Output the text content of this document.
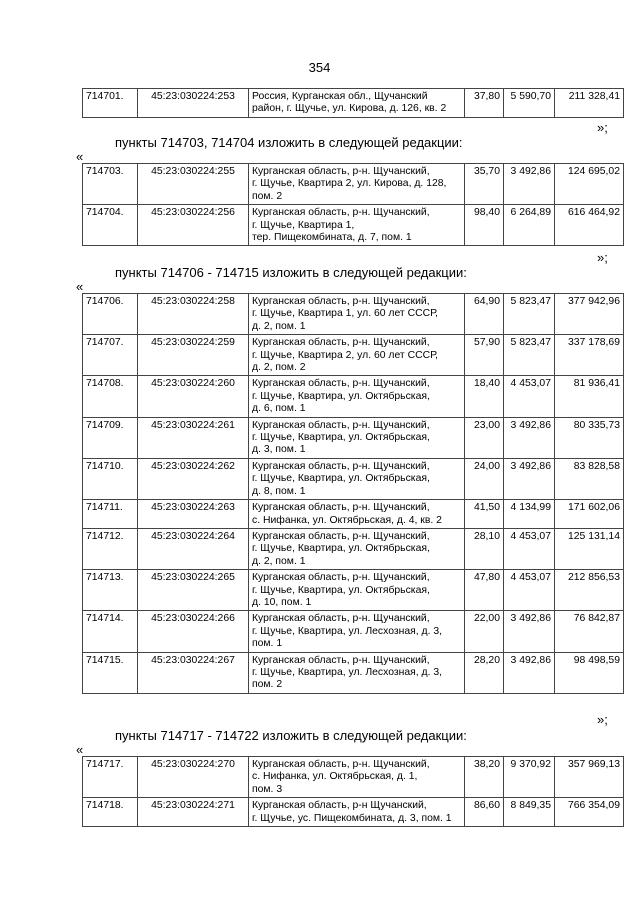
354
714701.	45:23:030224:253	Россия, Курганская обл., Щучанский
район, г. Щучье, ул. Кирова, д. 126, кв. 2
	37,80	5 590,70	211 328,41
»;
пункты 714703, 714704 изложить в следующей редакции:
«
714703.	45:23:030224:255	Курганская область, р-н. Щучанский,
г. Щучье, Квартира 2, ул. Кирова, д. 128,
пом. 2	35,70	3 492,86	124 695,02
714704.	45:23:030224:256	Курганская область, р-н. Щучанский,
г. Щучье, Квартира 1,
тер. Пищекомбината, д. 7, пом. 1	98,40	6 264,89	616 464,92
»;
пункты 714706 - 714715 изложить в следующей редакции:
«
714706.	45:23:030224:258	Курганская область, р-н. Щучанский,
г. Щучье, Квартира 1, ул. 60 лет СССР,
д. 2, пом. 1	64,90	5 823,47	377 942,96
714707.	45:23:030224:259	Курганская область, р-н. Щучанский,
г. Щучье, Квартира 2, ул. 60 лет СССР,
д. 2, пом. 2	57,90	5 823,47	337 178,69
714708.	45:23:030224:260	Курганская область, р-н. Щучанский,
г. Щучье, Квартира, ул. Октябрьская,
д. 6, пом. 1	18,40	4 453,07	81 936,41
714709.	45:23:030224:261	Курганская область, р-н. Щучанский,
г. Щучье, Квартира, ул. Октябрьская,
д. 3, пом. 1	23,00	3 492,86	80 335,73
714710.	45:23:030224:262	Курганская область, р-н. Щучанский,
г. Щучье, Квартира, ул. Октябрьская,
д. 8, пом. 1	24,00	3 492,86	83 828,58
714711.	45:23:030224:263	Курганская область, р-н. Щучанский,
с. Нифанка, ул. Октябрьская, д. 4, кв. 2	41,50	4 134,99	171 602,06
714712.	45:23:030224:264	Курганская область, р-н. Щучанский,
г. Щучье, Квартира, ул. Октябрьская,
д. 2, пом. 1	28,10	4 453,07	125 131,14
714713.	45:23:030224:265	Курганская область, р-н. Щучанский,
г. Щучье, Квартира, ул. Октябрьская,
д. 10, пом. 1	47,80	4 453,07	212 856,53
714714.	45:23:030224:266	Курганская область, р-н. Щучанский,
г. Щучье, Квартира, ул. Лесхозная, д. 3,
пом. 1	22,00	3 492,86	76 842,87
714715.	45:23:030224:267	Курганская область, р-н. Щучанский,
г. Щучье, Квартира, ул. Лесхозная, д. 3,
пом. 2	28,20	3 492,86	98 498,59
»;
пункты 714717 - 714722 изложить в следующей редакции:
«
714717.	45:23:030224:270	Курганская область, р-н. Щучанский,
с. Нифанка, ул. Октябрьская, д. 1,
пом. 3	38,20	9 370,92	357 969,13
714718.	45:23:030224:271	Курганская область, р-н Щучанский,
г. Щучье, ус. Пищекомбината, д. 3, пом. 1	86,60	8 849,35	766 354,09
